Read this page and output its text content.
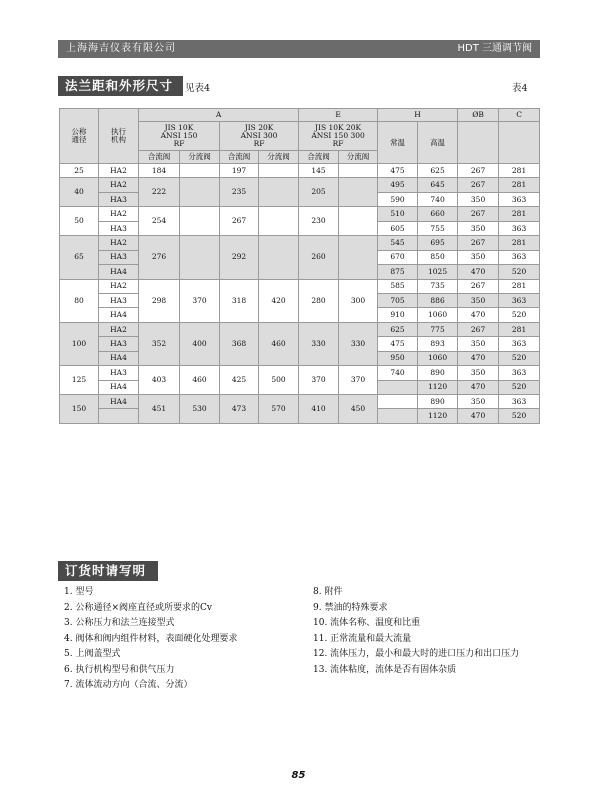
上海海吉仪表有限公司	HDT 三通调节阀
法兰距和外形尺寸	见表4	表4
公称
通径	执行
机构	A				E		H		ØB	C
		JIS 10K
ANSI 150
RF		JIS 20K
ANSI 300
RF		JIS 10K 20K
ANSI 150 300
RF		常温	高温		
		合流阀	分流阀	合流阀	分流阀	合流阀	分流阀				
25	HA2	184		197		145		475	625	267	281
40	HA2	222		235		205		495	645	267	281
	HA3							590	740	350	363
50	HA2	254		267		230		510	660	267	281
	HA3							605	755	350	363
65	HA2	276		292		260		545	695	267	281
	HA3							670	850	350	363
	HA4							875	1025	470	520
80	HA2	298	370	318	420	280	300	585	735	267	281
	HA3							705	886	350	363
	HA4							910	1060	470	520
100	HA2	352	400	368	460	330	330	625	775	267	281
	HA3							475	893	350	363
	HA4							950	1060	470	520
125	HA3	403	460	425	500	370	370	740	890	350	363
	HA4								1120	470	520
150	HA4	451	530	473	570	410	450		890	350	363
									1120	470	520
订货时请写明
1. 型号
2. 公称通径×阀座直径或所要求的Cv
3. 公称压力和法兰连接型式
4. 阀体和阀内组件材料，表面硬化处理要求
5. 上阀盖型式
6. 执行机构型号和供气压力
7. 流体流动方向（合流、分流）
8. 附件
9. 禁油的特殊要求
10. 流体名称、温度和比重
11. 正常流量和最大流量
12. 流体压力，最小和最大时的进口压力和出口压力
13. 流体粘度，流体是否有固体杂质
85
